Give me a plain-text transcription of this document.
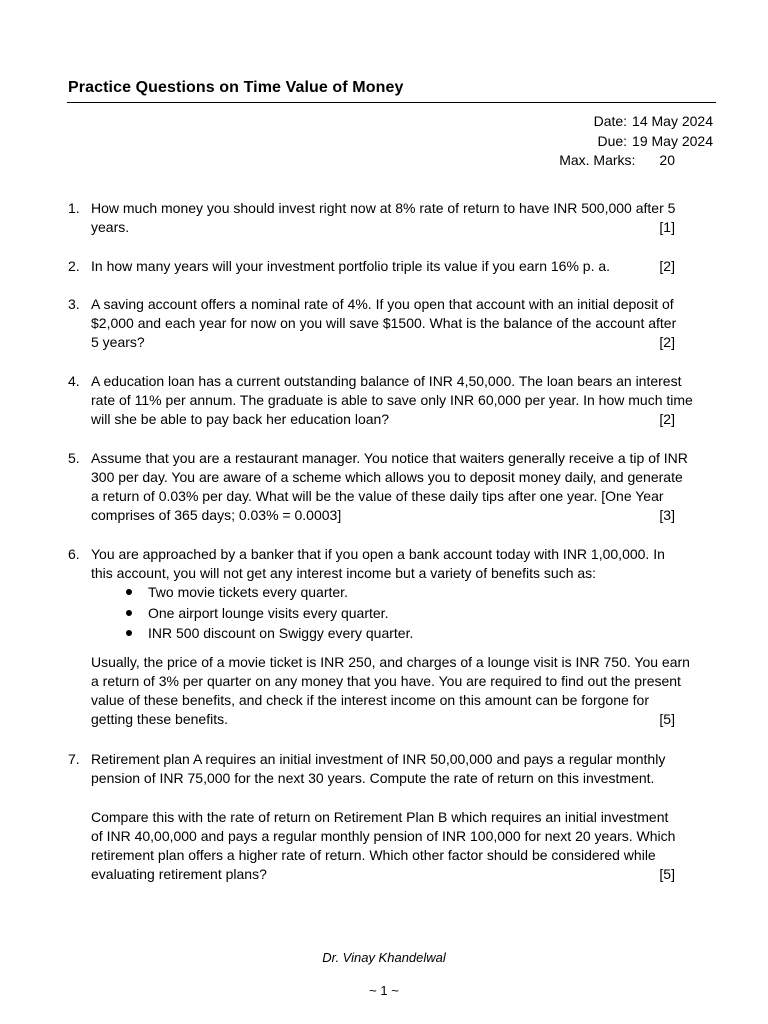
Practice Questions on Time Value of Money
Date: 14 May 2024
Due: 19 May 2024
Max. Marks: 20
1. How much money you should invest right now at 8% rate of return to have INR 500,000 after 5
years.	[1]
2. In how many years will your investment portfolio triple its value if you earn 16% p. a.	[2]
3. A saving account offers a nominal rate of 4%. If you open that account with an initial deposit of
$2,000 and each year for now on you will save $1500. What is the balance of the account after
5 years?	[2]
4. A education loan has a current outstanding balance of INR 4,50,000. The loan bears an interest
rate of 11% per annum. The graduate is able to save only INR 60,000 per year. In how much time
will she be able to pay back her education loan?	[2]
5. Assume that you are a restaurant manager. You notice that waiters generally receive a tip of INR
300 per day. You are aware of a scheme which allows you to deposit money daily, and generate
a return of 0.03% per day. What will be the value of these daily tips after one year. [One Year
comprises of 365 days; 0.03% = 0.0003]	[3]
6. You are approached by a banker that if you open a bank account today with INR 1,00,000. In
this account, you will not get any interest income but a variety of benefits such as:
Two movie tickets every quarter.
One airport lounge visits every quarter.
INR 500 discount on Swiggy every quarter.
Usually, the price of a movie ticket is INR 250, and charges of a lounge visit is INR 750. You earn
a return of 3% per quarter on any money that you have. You are required to find out the present
value of these benefits, and check if the interest income on this amount can be forgone for
getting these benefits.	[5]
7. Retirement plan A requires an initial investment of INR 50,00,000 and pays a regular monthly
pension of INR 75,000 for the next 30 years. Compute the rate of return on this investment.
Compare this with the rate of return on Retirement Plan B which requires an initial investment
of INR 40,00,000 and pays a regular monthly pension of INR 100,000 for next 20 years. Which
retirement plan offers a higher rate of return. Which other factor should be considered while
evaluating retirement plans?	[5]
Dr. Vinay Khandelwal
~ 1 ~
